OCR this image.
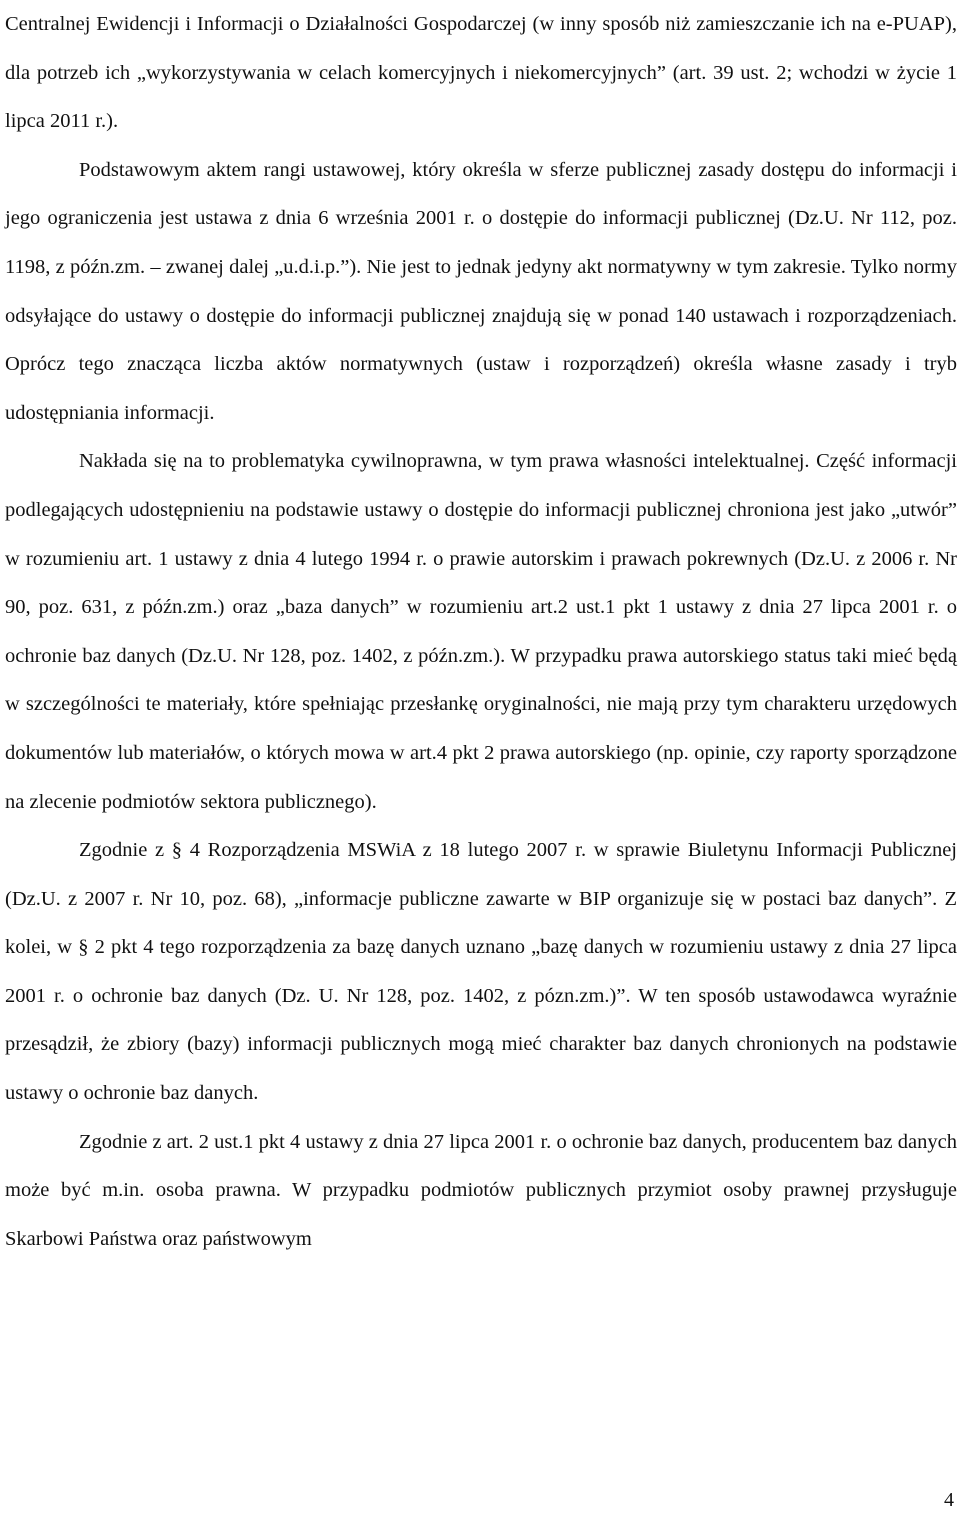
Centralnej Ewidencji i Informacji o Działalności Gospodarczej (w inny sposób niż zamieszczanie ich na e-PUAP), dla potrzeb ich „wykorzystywania w celach komercyjnych i niekomercyjnych” (art. 39 ust. 2; wchodzi w życie 1 lipca 2011 r.).

Podstawowym aktem rangi ustawowej, który określa w sferze publicznej zasady dostępu do informacji i jego ograniczenia jest ustawa z dnia 6 września 2001 r. o dostępie do informacji publicznej (Dz.U. Nr 112, poz. 1198, z późn.zm. – zwanej dalej „u.d.i.p.”). Nie jest to jednak jedyny akt normatywny w tym zakresie. Tylko normy odsyłające do ustawy o dostępie do informacji publicznej znajdują się w ponad 140 ustawach i rozporządzeniach. Oprócz tego znacząca liczba aktów normatywnych (ustaw i rozporządzeń) określa własne zasady i tryb udostępniania informacji.

Nakłada się na to problematyka cywilnoprawna, w tym prawa własności intelektualnej. Część informacji podlegających udostępnieniu na podstawie ustawy o dostępie do informacji publicznej chroniona jest jako „utwór” w rozumieniu art. 1 ustawy z dnia 4 lutego 1994 r. o prawie autorskim i prawach pokrewnych (Dz.U. z 2006 r. Nr 90, poz. 631, z późn.zm.) oraz „baza danych” w rozumieniu art.2 ust.1 pkt 1 ustawy z dnia 27 lipca 2001 r. o ochronie baz danych (Dz.U. Nr 128, poz. 1402, z późn.zm.). W przypadku prawa autorskiego status taki mieć będą w szczególności te materiały, które spełniając przesłankę oryginalności, nie mają przy tym charakteru urzędowych dokumentów lub materiałów, o których mowa w art.4 pkt 2 prawa autorskiego (np. opinie, czy raporty sporządzone na zlecenie podmiotów sektora publicznego).

Zgodnie z § 4 Rozporządzenia MSWiA z 18 lutego 2007 r. w sprawie Biuletynu Informacji Publicznej (Dz.U. z 2007 r. Nr 10, poz. 68), „informacje publiczne zawarte w BIP organizuje się w postaci baz danych”. Z kolei, w § 2 pkt 4 tego rozporządzenia za bazę danych uznano „bazę danych w rozumieniu ustawy z dnia 27 lipca 2001 r. o ochronie baz danych (Dz. U. Nr 128, poz. 1402, z pózn.zm.)”. W ten sposób ustawodawca wyraźnie przesądził, że zbiory (bazy) informacji publicznych mogą mieć charakter baz danych chronionych na podstawie ustawy o ochronie baz danych.

Zgodnie z art. 2 ust.1 pkt 4 ustawy z dnia 27 lipca 2001 r. o ochronie baz danych, producentem baz danych może być m.in. osoba prawna. W przypadku podmiotów publicznych przymiot osoby prawnej przysługuje Skarbowi Państwa oraz państwowym

4
